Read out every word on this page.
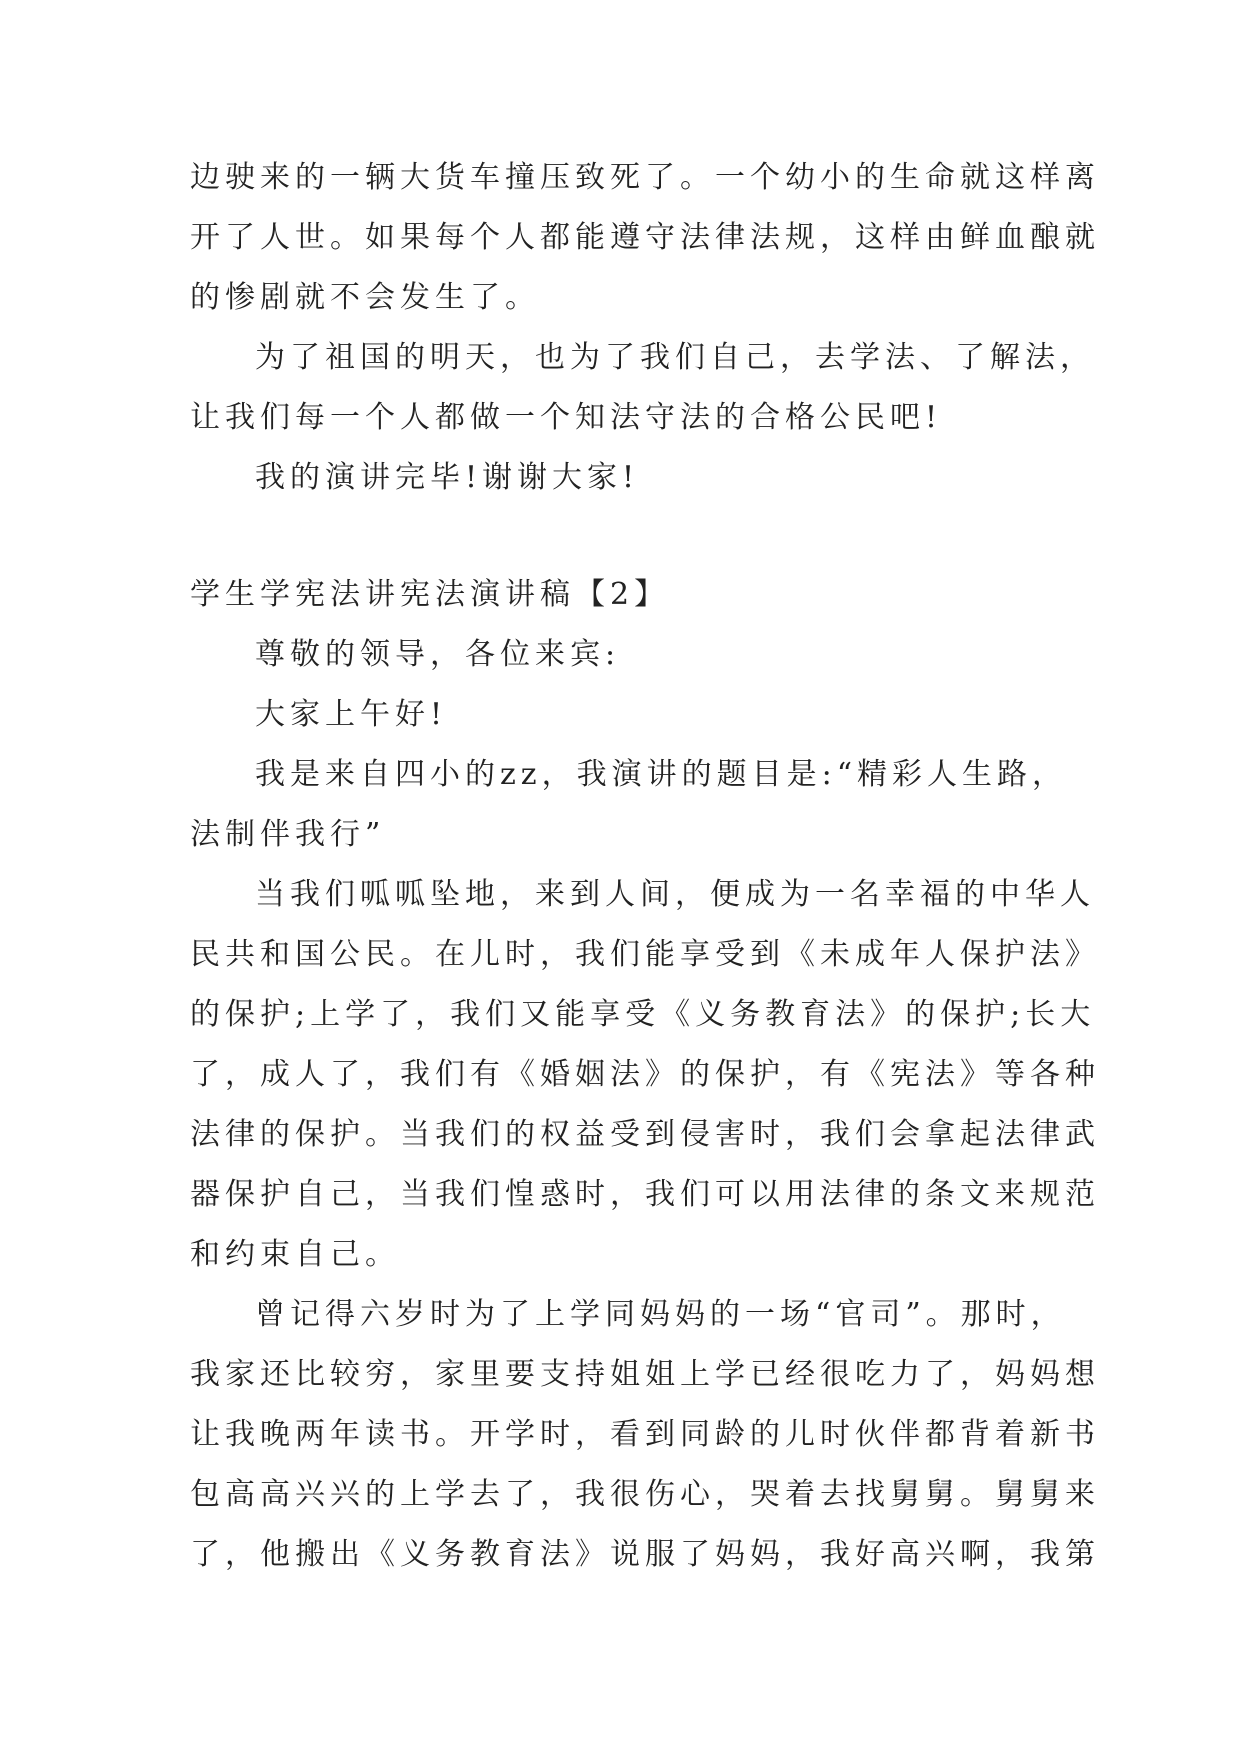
边驶来的一辆大货车撞压致死了。一个幼小的生命就这样离
开了人世。如果每个人都能遵守法律法规，这样由鲜血酿就
的惨剧就不会发生了。
为了祖国的明天，也为了我们自己，去学法、了解法，
让我们每一个人都做一个知法守法的合格公民吧!
我的演讲完毕!谢谢大家!
学生学宪法讲宪法演讲稿【2】
尊敬的领导，各位来宾:
大家上午好!
我是来自四小的zz，我演讲的题目是:“精彩人生路，
法制伴我行”
当我们呱呱坠地，来到人间，便成为一名幸福的中华人
民共和国公民。在儿时，我们能享受到《未成年人保护法》
的保护;上学了，我们又能享受《义务教育法》的保护;长大
了，成人了，我们有《婚姻法》的保护，有《宪法》等各种
法律的保护。当我们的权益受到侵害时，我们会拿起法律武
器保护自己，当我们惶惑时，我们可以用法律的条文来规范
和约束自己。
曾记得六岁时为了上学同妈妈的一场“官司”。那时，
我家还比较穷，家里要支持姐姐上学已经很吃力了，妈妈想
让我晚两年读书。开学时，看到同龄的儿时伙伴都背着新书
包高高兴兴的上学去了，我很伤心，哭着去找舅舅。舅舅来
了，他搬出《义务教育法》说服了妈妈，我好高兴啊，我第
